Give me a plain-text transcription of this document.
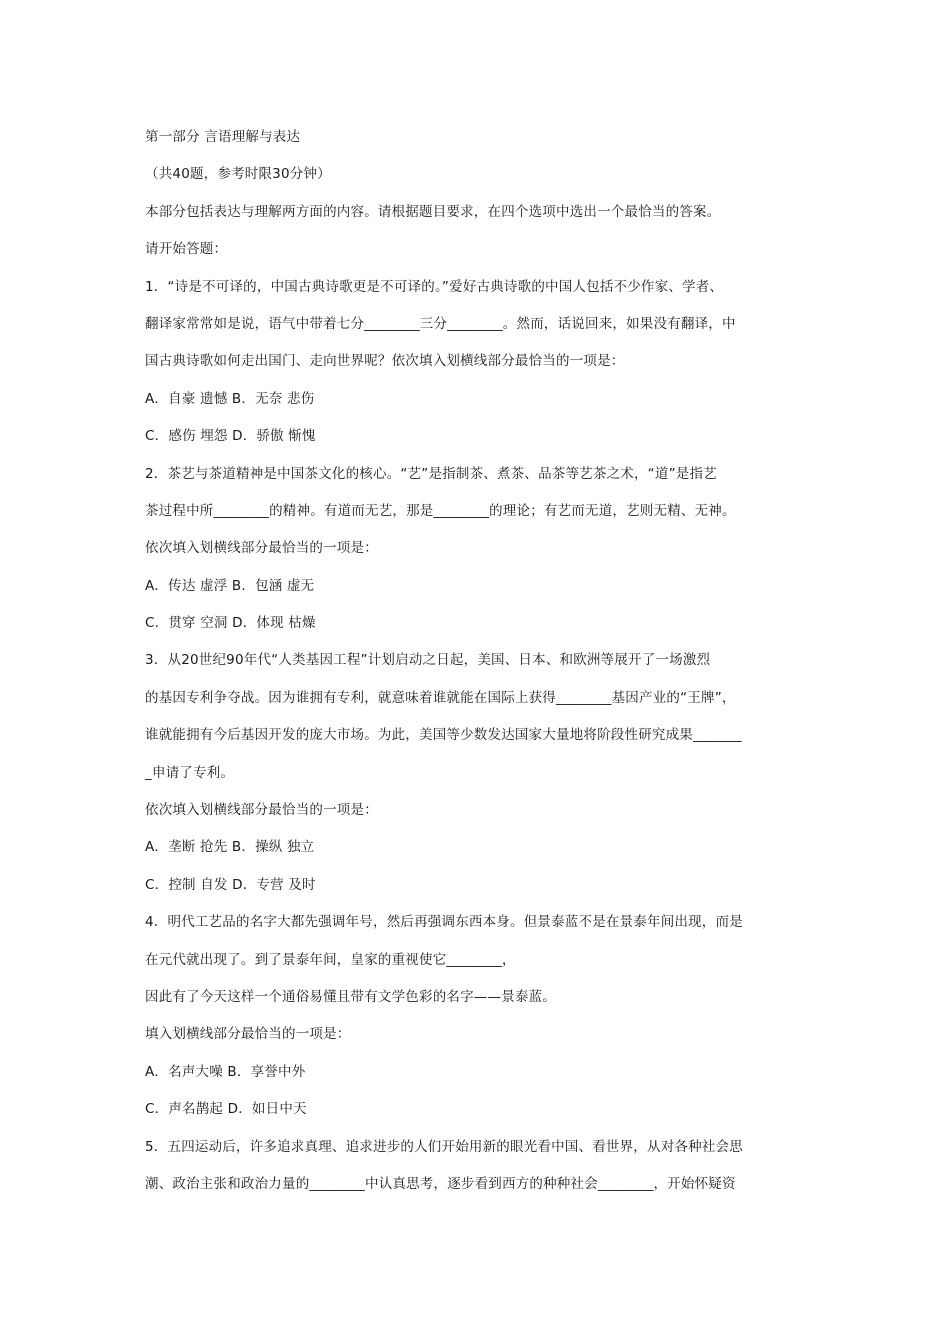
第一部分 言语理解与表达
（共40题，参考时限30分钟）
本部分包括表达与理解两方面的内容。请根据题目要求，在四个选项中选出一个最恰当的答案。
请开始答题：
1．“诗是不可译的，中国古典诗歌更是不可译的。”爱好古典诗歌的中国人包括不少作家、学者、
翻译家常常如是说，语气中带着七分________三分________。然而，话说回来，如果没有翻译，中
国古典诗歌如何走出国门、走向世界呢？依次填入划横线部分最恰当的一项是：
A．自豪 遗憾 B．无奈 悲伤
C．感伤 埋怨 D．骄傲 惭愧
2．茶艺与茶道精神是中国茶文化的核心。“艺”是指制茶、煮茶、品茶等艺茶之术，“道”是指艺
茶过程中所________的精神。有道而无艺，那是________的理论；有艺而无道，艺则无精、无神。
依次填入划横线部分最恰当的一项是：
A．传达 虚浮 B．包涵 虚无
C．贯穿 空洞 D．体现 枯燥
3．从20世纪90年代“人类基因工程”计划启动之日起，美国、日本、和欧洲等展开了一场激烈
的基因专利争夺战。因为谁拥有专利，就意味着谁就能在国际上获得________基因产业的“王牌”，
谁就能拥有今后基因开发的庞大市场。为此，美国等少数发达国家大量地将阶段性研究成果_______
_申请了专利。
依次填入划横线部分最恰当的一项是：
A．垄断 抢先 B．操纵 独立
C．控制 自发 D．专营 及时
4．明代工艺品的名字大都先强调年号，然后再强调东西本身。但景泰蓝不是在景泰年间出现，而是
在元代就出现了。到了景泰年间，皇家的重视使它________，
因此有了今天这样一个通俗易懂且带有文学色彩的名字——景泰蓝。
填入划横线部分最恰当的一项是：
A．名声大噪 B．享誉中外
C．声名鹊起 D．如日中天
5．五四运动后，许多追求真理、追求进步的人们开始用新的眼光看中国、看世界，从对各种社会思
潮、政治主张和政治力量的________中认真思考，逐步看到西方的种种社会________，开始怀疑资
